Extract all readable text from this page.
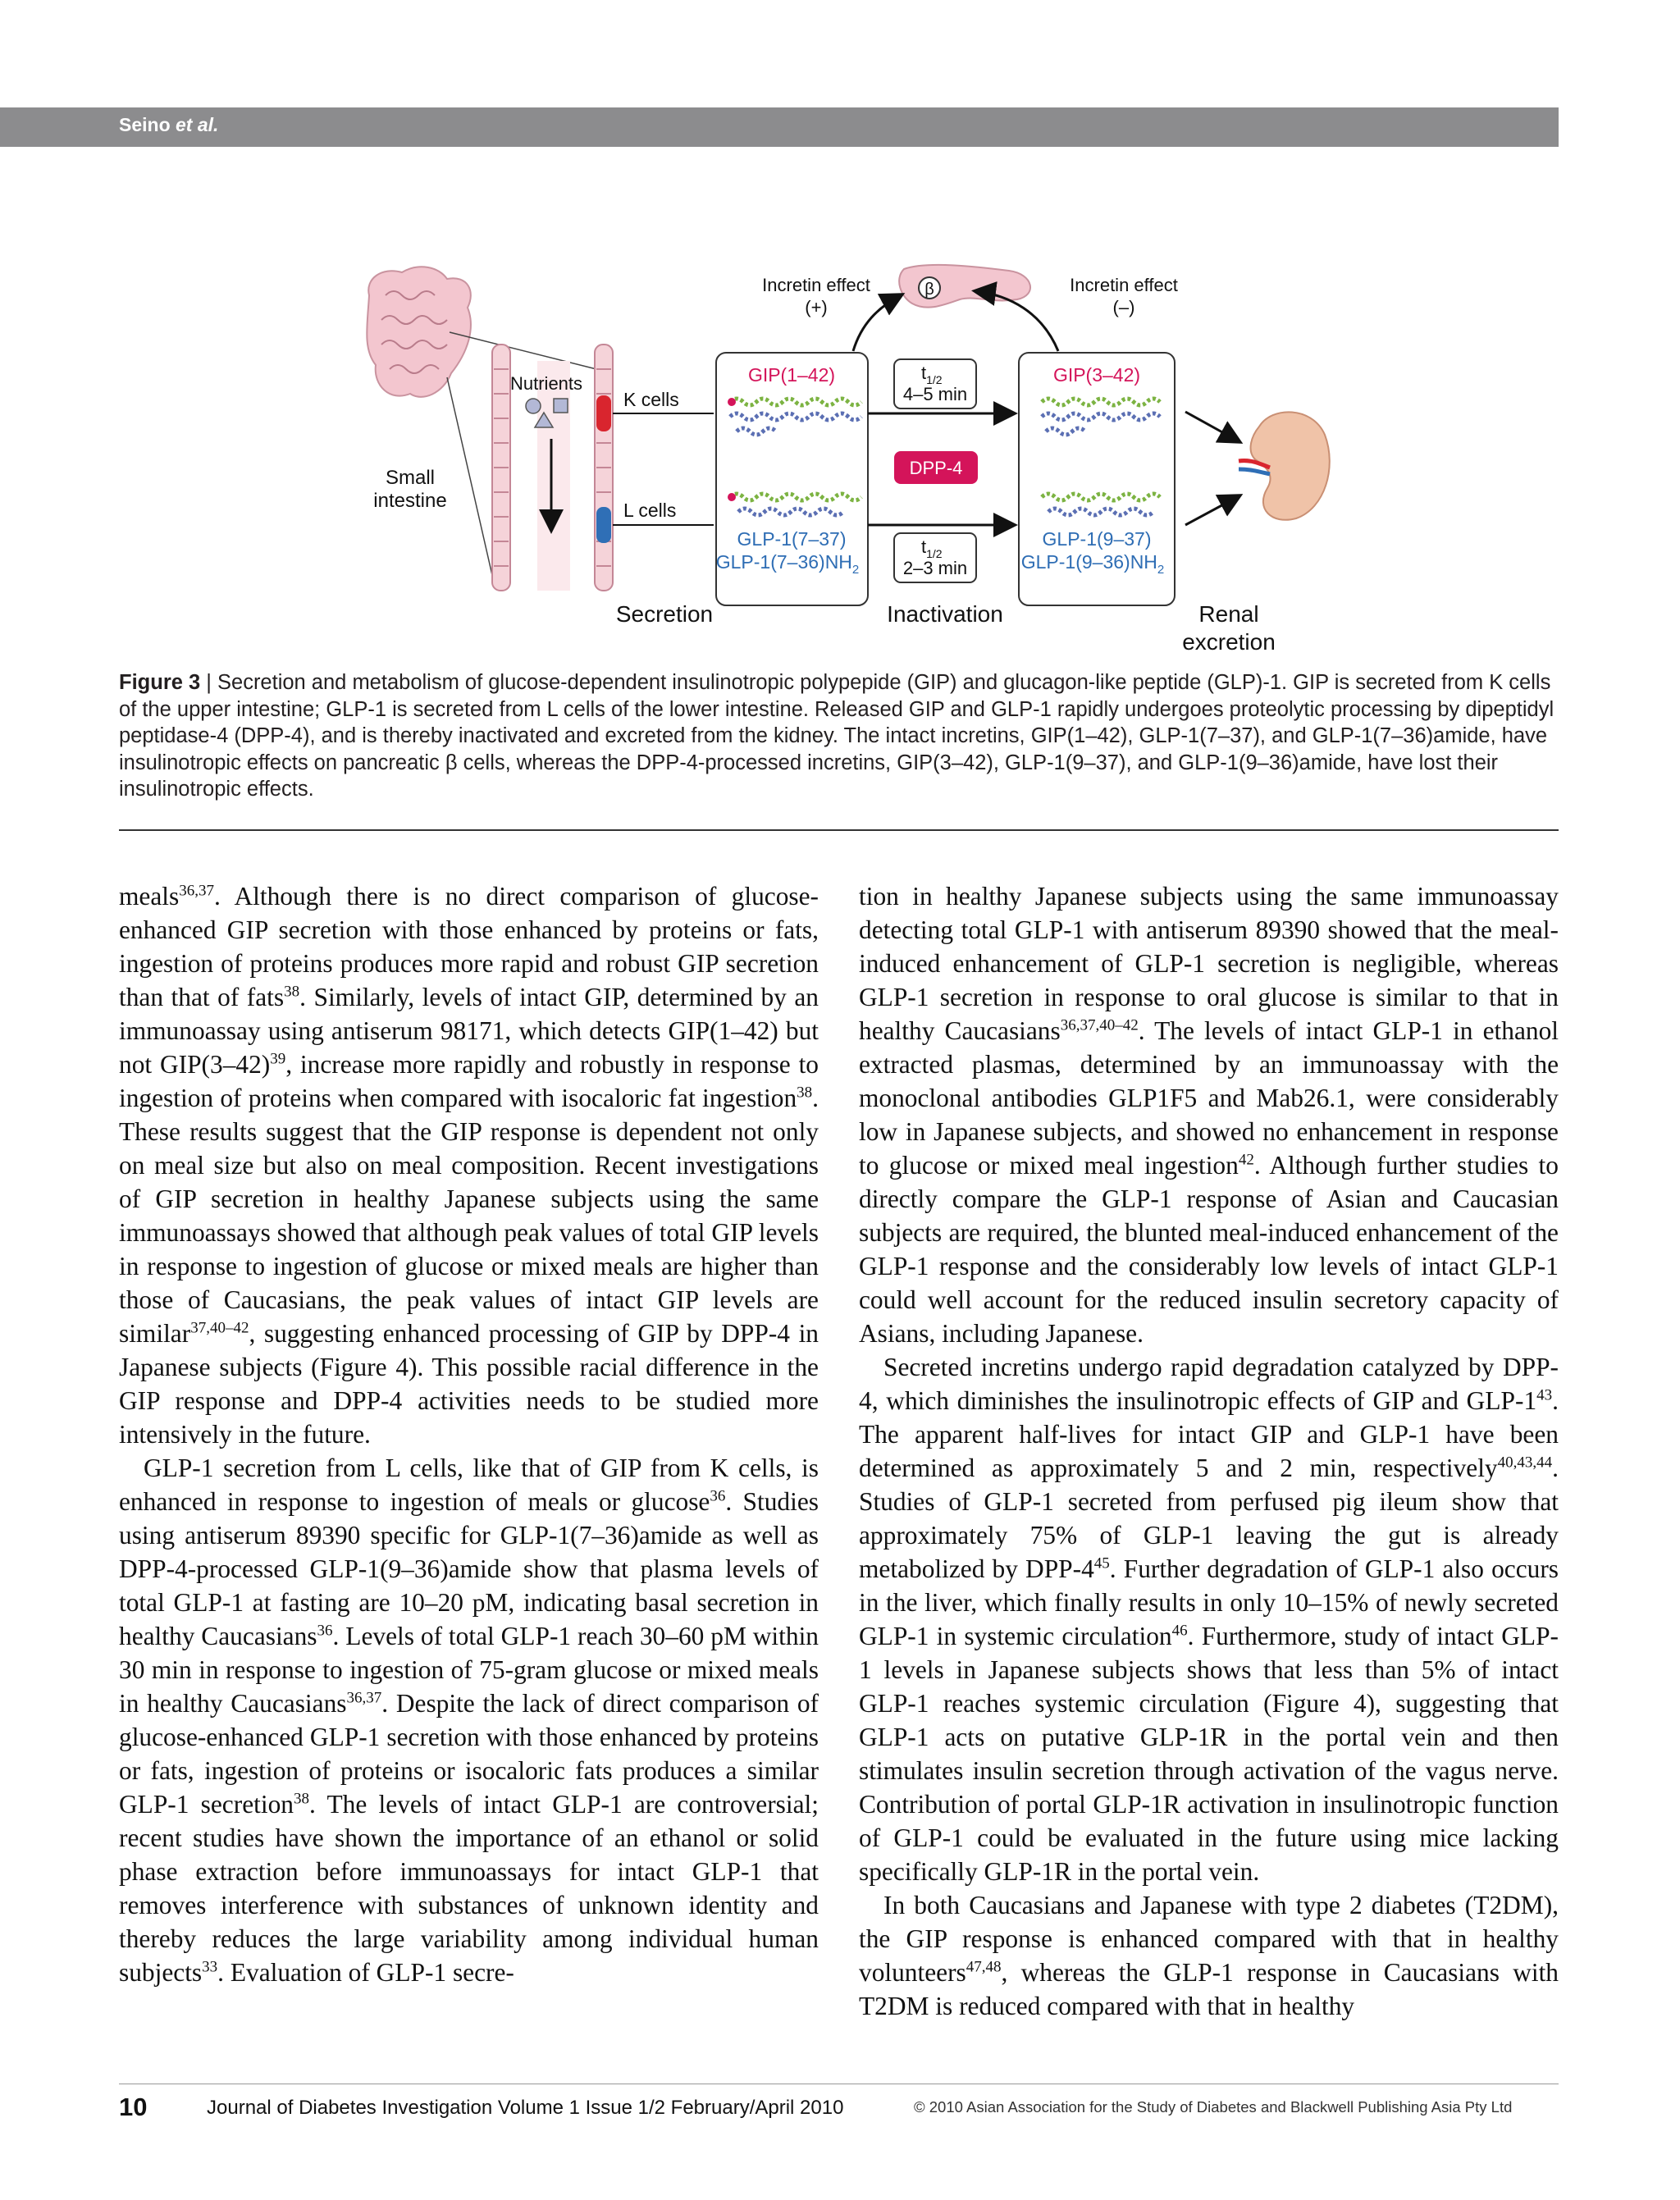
Seino et al.
Small
intestine
Nutrients
K cells
L cells
GIP(1–42)
GLP-1(7–37)
GLP-$1(7-36)NH_2$
$t_{1/2}$
4–5 min
$t_{1/2}$
2–3 min
DPP-4
GIP(3–42)
GLP-1(9–37)
GLP-$1(9-36)NH_2$
β
Incretin effect
(+)
Incretin effect
(–)
Secretion	Inactivation	Renal
excretion
Figure 3 | Secretion and metabolism of glucose-dependent insulinotropic polypepide (GIP) and glucagon-like peptide (GLP)-1. GIP is secreted from K cells of the upper intestine; GLP-1 is secreted from L cells of the lower intestine. Released GIP and GLP-1 rapidly undergoes proteolytic processing by dipeptidyl peptidase-4 (DPP-4), and is thereby inactivated and excreted from the kidney. The intact incretins, GIP(1–42), GLP-1(7–37), and GLP-1(7–36)amide, have insulinotropic effects on pancreatic β cells, whereas the DPP-4-processed incretins, GIP(3–42), GLP-1(9–37), and GLP-1(9–36)amide, have lost their insulinotropic effects.

meals$^{36,37}$. Although there is no direct comparison of glucose-enhanced GIP secretion with those enhanced by proteins or fats, ingestion of proteins produces more rapid and robust GIP secretion than that of fats$^{38}$. Similarly, levels of intact GIP, determined by an immunoassay using antiserum 98171, which detects GIP(1–42) but not $GIP(3-42)^{39}$, increase more rapidly and robustly in response to ingestion of proteins when compared with isocaloric fat ingestion$^{38}$. These results suggest that the GIP response is dependent not only on meal size but also on meal composition. Recent investigations of GIP secretion in healthy Japanese subjects using the same immunoassays showed that although peak values of total GIP levels in response to ingestion of glucose or mixed meals are higher than those of Caucasians, the peak values of intact GIP levels are similar$^{37,40-42}$, suggesting enhanced processing of GIP by DPP-4 in Japanese subjects (Figure 4). This possible racial difference in the GIP response and DPP-4 activities needs to be studied more intensively in the future.

GLP-1 secretion from L cells, like that of GIP from K cells, is enhanced in response to ingestion of meals or glucose$^{36}$. Studies using antiserum 89390 specific for GLP-1(7–36)amide as well as DPP-4-processed GLP-1(9–36)amide show that plasma levels of total GLP-1 at fasting are 10–20 pM, indicating basal secretion in healthy Caucasians$^{36}$. Levels of total GLP-1 reach 30–60 pM within 30 min in response to ingestion of 75-gram glucose or mixed meals in healthy Caucasians$^{36,37}$. Despite the lack of direct comparison of glucose-enhanced GLP-1 secretion with those enhanced by proteins or fats, ingestion of proteins or isocaloric fats produces a similar GLP-1 secretion$^{38}$. The levels of intact GLP-1 are controversial; recent studies have shown the importance of an ethanol or solid phase extraction before immunoassays for intact GLP-1 that removes interference with substances of unknown identity and thereby reduces the large variability among individual human subjects$^{33}$. Evaluation of GLP-1 secre-

tion in healthy Japanese subjects using the same immunoassay detecting total GLP-1 with antiserum 89390 showed that the meal-induced enhancement of GLP-1 secretion is negligible, whereas GLP-1 secretion in response to oral glucose is similar to that in healthy Caucasians$^{36,37,40-42}$. The levels of intact GLP-1 in ethanol extracted plasmas, determined by an immunoassay with the monoclonal antibodies GLP1F5 and Mab26.1, were considerably low in Japanese subjects, and showed no enhancement in response to glucose or mixed meal ingestion$^{42}$. Although further studies to directly compare the GLP-1 response of Asian and Caucasian subjects are required, the blunted meal-induced enhancement of the GLP-1 response and the considerably low levels of intact GLP-1 could well account for the reduced insulin secretory capacity of Asians, including Japanese.

Secreted incretins undergo rapid degradation catalyzed by DPP-4, which diminishes the insulinotropic effects of GIP and GLP-$1^{43}$. The apparent half-lives for intact GIP and GLP-1 have been determined as approximately 5 and 2 min, respectively$^{40,43,44}$. Studies of GLP-1 secreted from perfused pig ileum show that approximately 75% of GLP-1 leaving the gut is already metabolized by DPP-$4^{45}$. Further degradation of GLP-1 also occurs in the liver, which finally results in only 10–15% of newly secreted GLP-1 in systemic circulation$^{46}$. Furthermore, study of intact GLP-1 levels in Japanese subjects shows that less than 5% of intact GLP-1 reaches systemic circulation (Figure 4), suggesting that GLP-1 acts on putative GLP-1R in the portal vein and then stimulates insulin secretion through activation of the vagus nerve. Contribution of portal GLP-1R activation in insulinotropic function of GLP-1 could be evaluated in the future using mice lacking specifically GLP-1R in the portal vein.

In both Caucasians and Japanese with type 2 diabetes (T2DM), the GIP response is enhanced compared with that in healthy volunteers$^{47,48}$, whereas the GLP-1 response in Caucasians with T2DM is reduced compared with that in healthy

10	Journal of Diabetes Investigation Volume 1 Issue 1/2 February/April 2010	© 2010 Asian Association for the Study of Diabetes and Blackwell Publishing Asia Pty Ltd
